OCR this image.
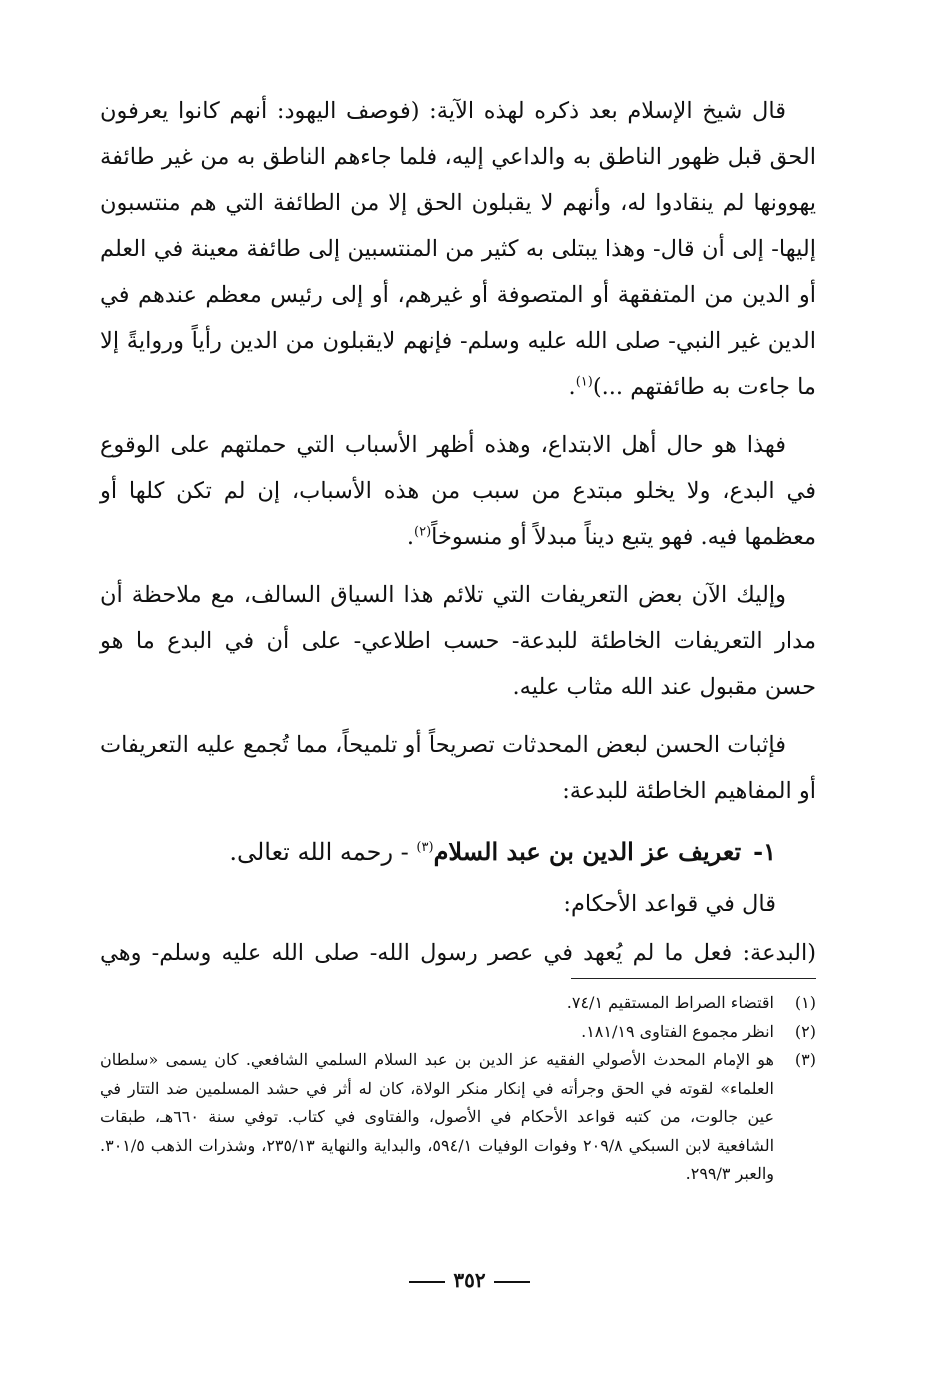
قال شيخ الإسلام بعد ذكره لهذه الآية: (فوصف اليهود: أنهم كانوا يعرفون الحق قبل ظهور الناطق به والداعي إليه، فلما جاءهم الناطق به من غير طائفة يهوونها لم ينقادوا له، وأنهم لا يقبلون الحق إلا من الطائفة التي هم منتسبون إليها- إلى أن قال- وهذا يبتلى به كثير من المنتسبين إلى طائفة معينة في العلم أو الدين من المتفقهة أو المتصوفة أو غيرهم، أو إلى رئيس معظم عندهم في الدين غير النبي- صلى الله عليه وسلم- فإنهم لايقبلون من الدين رأياً وروايةً إلا ما جاءت به طائفتهم ...)$^{(١)}$.

فهذا هو حال أهل الابتداع، وهذه أظهر الأسباب التي حملتهم على الوقوع في البدع، ولا يخلو مبتدع من سبب من هذه الأسباب، إن لم تكن كلها أو معظمها فيه. فهو يتبع ديناً مبدلاً أو منسوخاً$^{(٢)}$.

وإليك الآن بعض التعريفات التي تلائم هذا السياق السالف، مع ملاحظة أن مدار التعريفات الخاطئة للبدعة- حسب اطلاعي- على أن في البدع ما هو حسن مقبول عند الله مثاب عليه.

فإثبات الحسن لبعض المحدثات تصريحاً أو تلميحاً، مما تُجمع عليه التعريفات أو المفاهيم الخاطئة للبدعة:

١-تعريف عز الدين بن عبد السلام$^{(٣)}$ - رحمه الله تعالى.

قال في قواعد الأحكام:

(البدعة: فعل ما لم يُعهد في عصر رسول الله- صلى الله عليه وسلم- وهي

(١)
اقتضاء الصراط المستقيم ٧٤/١.
(٢)
انظر مجموع الفتاوى ١٨١/١٩.
(٣)
هو الإمام المحدث الأصولي الفقيه عز الدين بن عبد السلام السلمي الشافعي. كان يسمى «سلطان العلماء» لقوته في الحق وجرأته في إنكار منكر الولاة، كان له أثر في حشد المسلمين ضد التتار في عين جالوت، من كتبه قواعد الأحكام في الأصول، والفتاوى في كتاب. توفي سنة ٦٦٠هـ، طبقات الشافعية لابن السبكي ٢٠٩/٨ وفوات الوفيات ٥٩٤/١، والبداية والنهاية ٢٣٥/١٣، وشذرات الذهب ٣٠١/٥. والعبر ٢٩٩/٣.
٣٥٢
